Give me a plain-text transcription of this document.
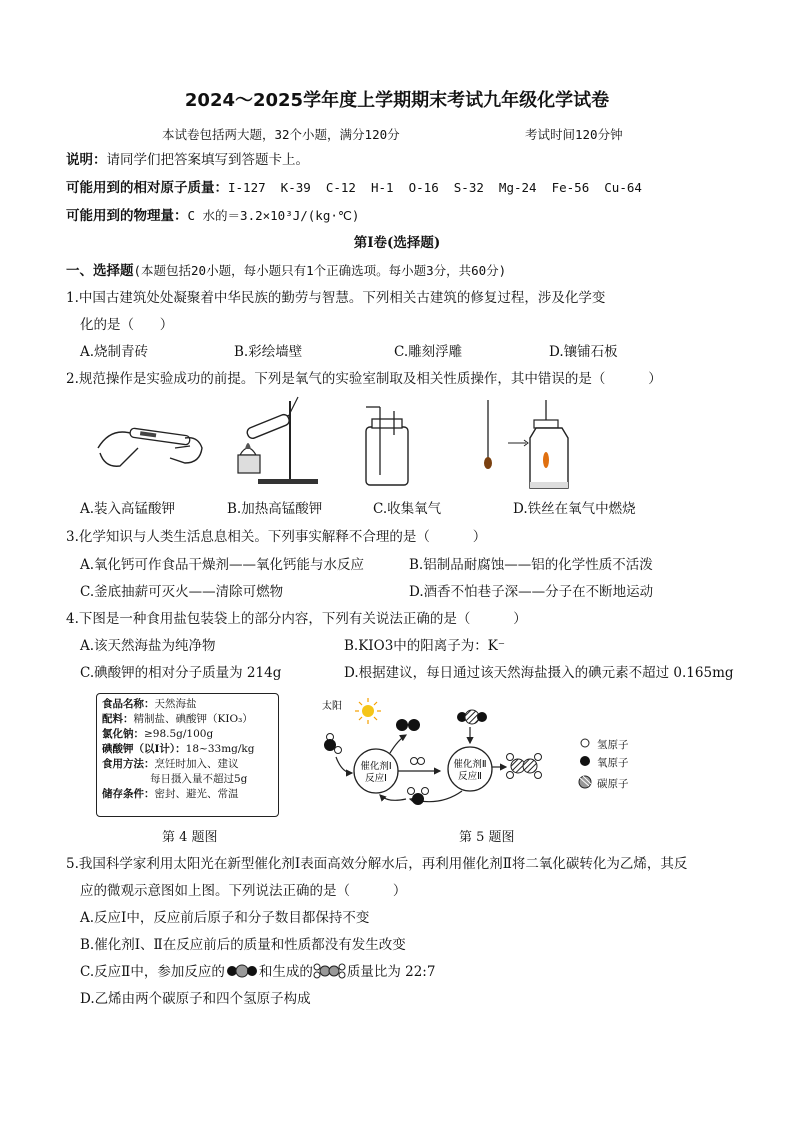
2024～2025学年度上学期期末考试九年级化学试卷
本试卷包括两大题，32个小题，满分120分	考试时间120分钟
说明：请同学们把答案填写到答题卡上。
可能用到的相对原子质量：I-127  K-39  C-12  H-1  O-16  S-32  Mg-24  Fe-56  Cu-64
可能用到的物理量：C 水的＝3.2×10³J/(kg·℃)
第Ⅰ卷(选择题)
一、选择题(本题包括20小题，每小题只有1个正确选项。每小题3分，共60分)
1.中国古建筑处处凝聚着中华民族的勤劳与智慧。下列相关古建筑的修复过程，涉及化学变
化的是（      ）
A.烧制青砖	B.彩绘墙壁	C.雕刻浮雕	D.镶铺石板
2.规范操作是实验成功的前提。下列是氧气的实验室制取及相关性质操作，其中错误的是（          ）
A.装入高锰酸钾	B.加热高锰酸钾	C.收集氧气	D.铁丝在氧气中燃烧
3.化学知识与人类生活息息相关。下列事实解释不合理的是（          ）
A.氧化钙可作食品干燥剂——氧化钙能与水反应	B.铝制品耐腐蚀——铝的化学性质不活泼
C.釜底抽薪可灭火——清除可燃物	D.酒香不怕巷子深——分子在不断地运动
4.下图是一种食用盐包装袋上的部分内容，下列有关说法正确的是（          ）
A.该天然海盐为纯净物	B.KIO3中的阳离子为：K⁻
C.碘酸钾的相对分子质量为 214g	D.根据建议，每日通过该天然海盐摄入的碘元素不超过 0.165mg
食品名称：天然海盐
配料：精制盐、碘酸钾（KIO₃）
氯化钠：≥98.5g/100g
碘酸钾（以I计）：18~33mg/kg
食用方法：烹饪时加入、建议
每日摄入量不超过5g
储存条件：密封、避光、常温
太阳
催化剂Ⅰ
反应Ⅰ
催化剂Ⅱ
反应Ⅱ
氢原子
氧原子
碳原子
第 4 题图	第 5 题图
5.我国科学家利用太阳光在新型催化剂Ⅰ表面高效分解水后，再利用催化剂Ⅱ将二氧化碳转化为乙烯，其反
应的微观示意图如上图。下列说法正确的是（          ）
A.反应Ⅰ中，反应前后原子和分子数目都保持不变
B.催化剂Ⅰ、Ⅱ在反应前后的质量和性质都没有发生改变
C.反应Ⅱ中，参加反应的	和生成的	质量比为 22:7
D.乙烯由两个碳原子和四个氢原子构成
